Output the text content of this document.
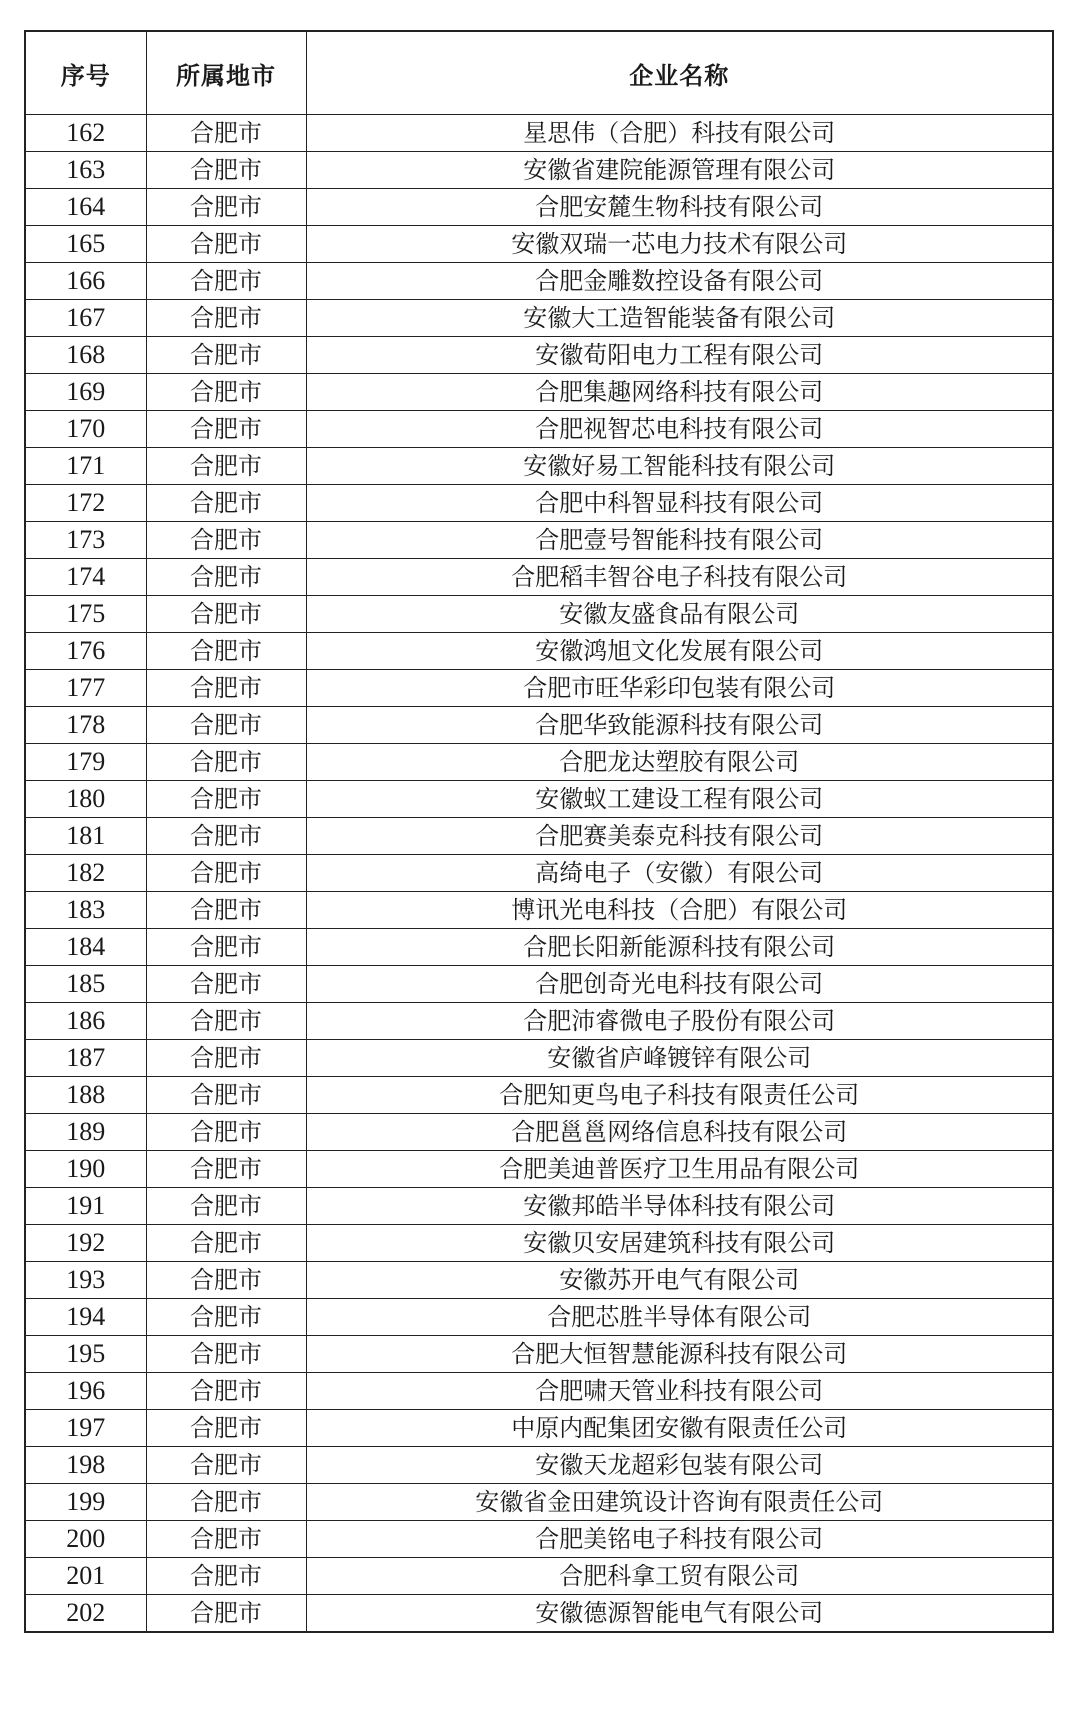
序号	所属地市	企业名称
162	合肥市	星思伟（合肥）科技有限公司
163	合肥市	安徽省建院能源管理有限公司
164	合肥市	合肥安麓生物科技有限公司
165	合肥市	安徽双瑞一芯电力技术有限公司
166	合肥市	合肥金雕数控设备有限公司
167	合肥市	安徽大工造智能装备有限公司
168	合肥市	安徽荀阳电力工程有限公司
169	合肥市	合肥集趣网络科技有限公司
170	合肥市	合肥视智芯电科技有限公司
171	合肥市	安徽好易工智能科技有限公司
172	合肥市	合肥中科智显科技有限公司
173	合肥市	合肥壹号智能科技有限公司
174	合肥市	合肥稻丰智谷电子科技有限公司
175	合肥市	安徽友盛食品有限公司
176	合肥市	安徽鸿旭文化发展有限公司
177	合肥市	合肥市旺华彩印包装有限公司
178	合肥市	合肥华致能源科技有限公司
179	合肥市	合肥龙达塑胶有限公司
180	合肥市	安徽蚁工建设工程有限公司
181	合肥市	合肥赛美泰克科技有限公司
182	合肥市	高绮电子（安徽）有限公司
183	合肥市	博讯光电科技（合肥）有限公司
184	合肥市	合肥长阳新能源科技有限公司
185	合肥市	合肥创奇光电科技有限公司
186	合肥市	合肥沛睿微电子股份有限公司
187	合肥市	安徽省庐峰镀锌有限公司
188	合肥市	合肥知更鸟电子科技有限责任公司
189	合肥市	合肥邕邕网络信息科技有限公司
190	合肥市	合肥美迪普医疗卫生用品有限公司
191	合肥市	安徽邦皓半导体科技有限公司
192	合肥市	安徽贝安居建筑科技有限公司
193	合肥市	安徽苏开电气有限公司
194	合肥市	合肥芯胜半导体有限公司
195	合肥市	合肥大恒智慧能源科技有限公司
196	合肥市	合肥啸天管业科技有限公司
197	合肥市	中原内配集团安徽有限责任公司
198	合肥市	安徽天龙超彩包装有限公司
199	合肥市	安徽省金田建筑设计咨询有限责任公司
200	合肥市	合肥美铭电子科技有限公司
201	合肥市	合肥科拿工贸有限公司
202	合肥市	安徽德源智能电气有限公司
